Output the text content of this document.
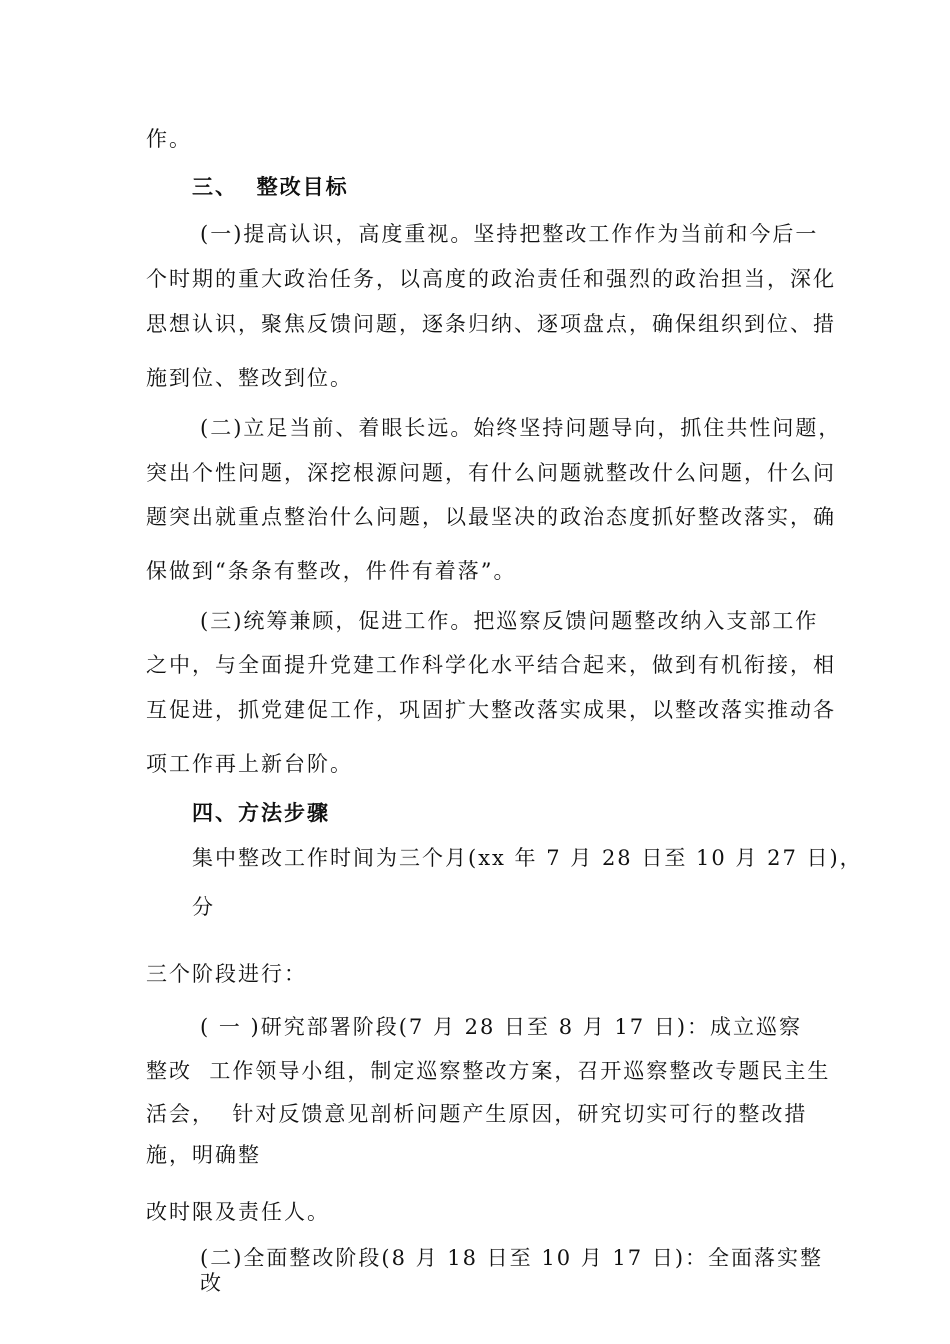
作。
三、  整改目标
(一)提高认识，高度重视。坚持把整改工作作为当前和今后一
个时期的重大政治任务，以高度的政治责任和强烈的政治担当，深化
思想认识，聚焦反馈问题，逐条归纳、逐项盘点，确保组织到位、措
施到位、整改到位。
(二)立足当前、着眼长远。始终坚持问题导向，抓住共性问题，
突出个性问题，深挖根源问题，有什么问题就整改什么问题，什么问
题突出就重点整治什么问题，以最坚决的政治态度抓好整改落实，确
保做到“条条有整改，件件有着落”。
(三)统筹兼顾，促进工作。把巡察反馈问题整改纳入支部工作
之中，与全面提升党建工作科学化水平结合起来，做到有机衔接，相
互促进，抓党建促工作，巩固扩大整改落实成果，以整改落实推动各
项工作再上新台阶。
四、方法步骤
集中整改工作时间为三个月(xx 年 7 月 28 日至 10 月 27 日)，
分
三个阶段进行：
( 一 )研究部署阶段(7 月 28 日至 8 月 17 日)：成立巡察
整改  工作领导小组，制定巡察整改方案，召开巡察整改专题民主生
活会，  针对反馈意见剖析问题产生原因，研究切实可行的整改措
施，明确整
改时限及责任人。
(二)全面整改阶段(8 月 18 日至 10 月 17 日)：全面落实整
改
